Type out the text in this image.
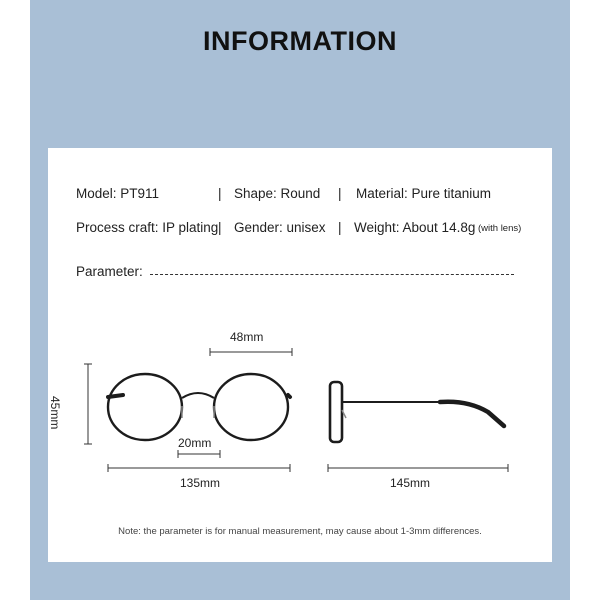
INFORMATION
Model: PT911	| Shape: Round | Material: Pure titanium
Process craft: IP plating | Gender: unisex | Weight: About 14.8g (with lens)
Parameter:
48mm
45mm
20mm
135mm	145mm
Note: the parameter is for manual measurement, may cause about 1-3mm differences.
